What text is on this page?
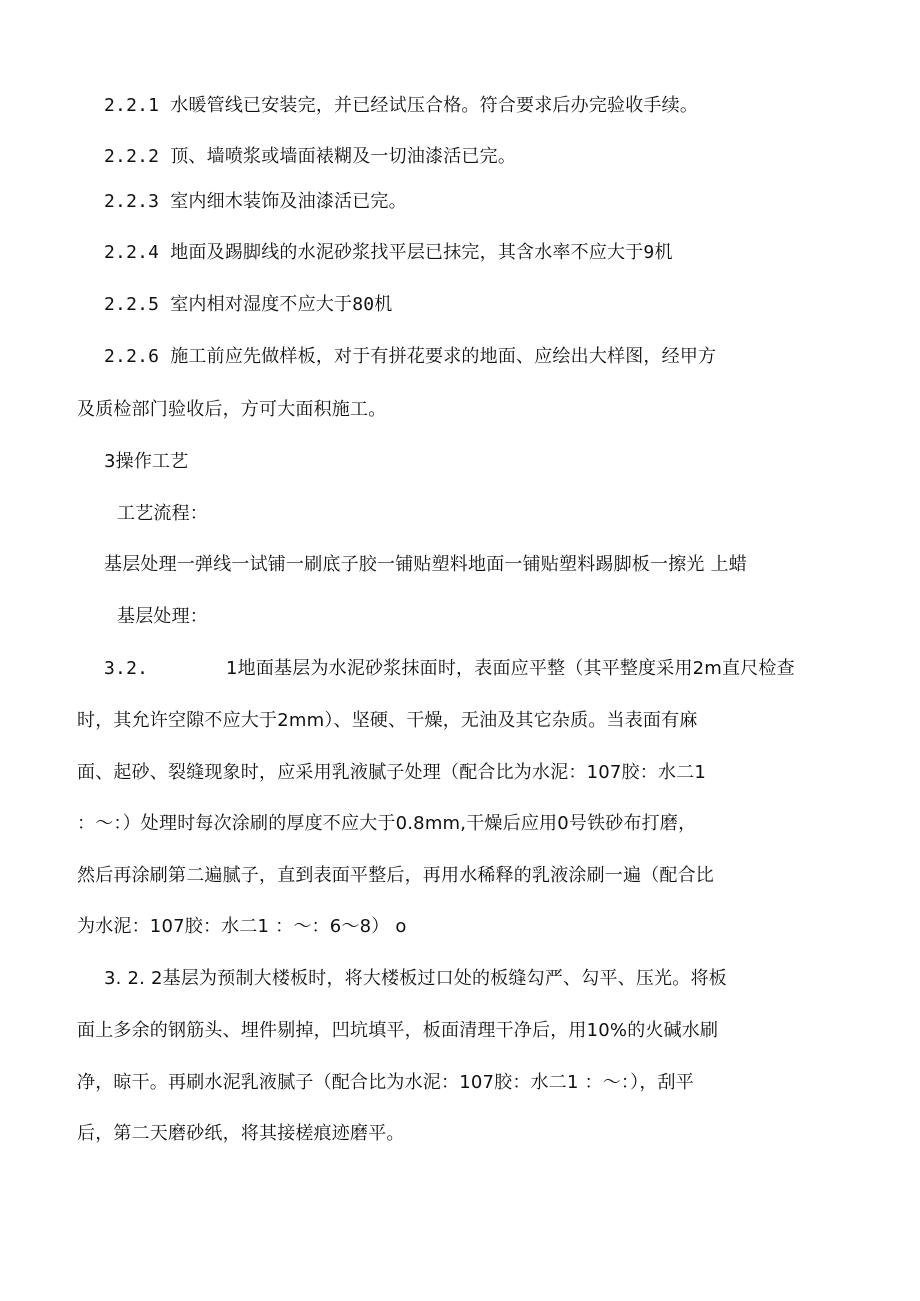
2.2.1 水暖管线已安装完，并已经试压合格。符合要求后办完验收手续。
2.2.2 顶、墙喷浆或墙面裱糊及一切油漆活已完。
2.2.3 室内细木装饰及油漆活已完。
2.2.4 地面及踢脚线的水泥砂浆找平层已抹完，其含水率不应大于9机
2.2.5 室内相对湿度不应大于80机
2.2.6 施工前应先做样板，对于有拼花要求的地面、应绘出大样图，经甲方
及质检部门验收后，方可大面积施工。
3操作工艺
工艺流程：
基层处理一弹线一试铺一刷底子胶一铺贴塑料地面一铺贴塑料踢脚板一擦光 上蜡
基层处理：
3.2.	1地面基层为水泥砂浆抹面时，表面应平整（其平整度采用2m直尺检查
时，其允许空隙不应大于2mm）、坚硬、干燥，无油及其它杂质。当表面有麻
面、起砂、裂缝现象时，应采用乳液腻子处理（配合比为水泥：107胶：水二1
：～：）处理时每次涂刷的厚度不应大于0.8mm,干燥后应用0号铁砂布打磨，
然后再涂刷第二遍腻子，直到表面平整后，再用水稀释的乳液涂刷一遍（配合比
为水泥：107胶：水二1 ：～：6～8） o
3. 2. 2基层为预制大楼板时，将大楼板过口处的板缝勾严、勾平、压光。将板
面上多余的钢筋头、埋件剔掉，凹坑填平，板面清理干净后，用10%的火碱水刷
净，晾干。再刷水泥乳液腻子（配合比为水泥：107胶：水二1 ：～：），刮平
后，第二天磨砂纸，将其接槎痕迹磨平。
